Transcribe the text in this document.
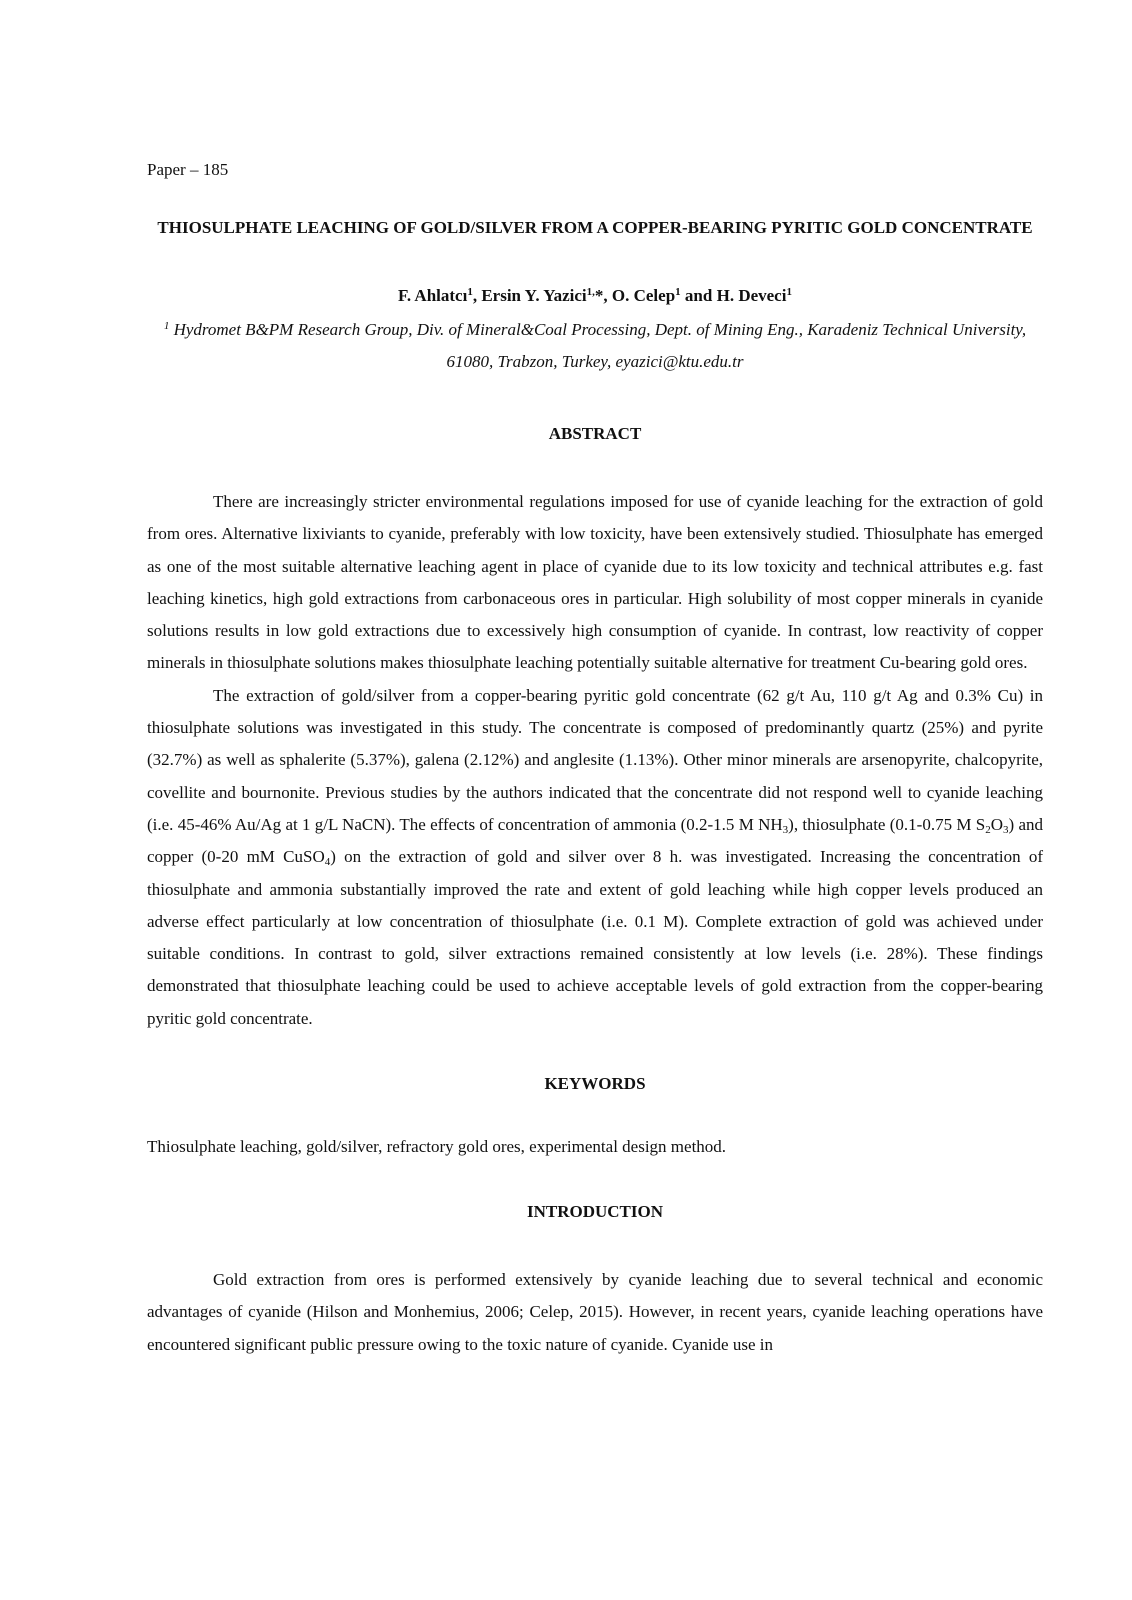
Paper – 185

THIOSULPHATE LEACHING OF GOLD/SILVER FROM A COPPER-BEARING PYRITIC GOLD CONCENTRATE

F. Ahlatcı$^1$, Ersin Y. Yazici$^{1,}$*, O. Celep$^1$ and H. Deveci$^1$

$^1$ Hydromet B&PM Research Group, Div. of Mineral&Coal Processing, Dept. of Mining Eng., Karadeniz Technical University, 61080, Trabzon, Turkey, eyazici@ktu.edu.tr

ABSTRACT

There are increasingly stricter environmental regulations imposed for use of cyanide leaching for the extraction of gold from ores. Alternative lixiviants to cyanide, preferably with low toxicity, have been extensively studied. Thiosulphate has emerged as one of the most suitable alternative leaching agent in place of cyanide due to its low toxicity and technical attributes e.g. fast leaching kinetics, high gold extractions from carbonaceous ores in particular. High solubility of most copper minerals in cyanide solutions results in low gold extractions due to excessively high consumption of cyanide. In contrast, low reactivity of copper minerals in thiosulphate solutions makes thiosulphate leaching potentially suitable alternative for treatment Cu-bearing gold ores.

The extraction of gold/silver from a copper-bearing pyritic gold concentrate (62 g/t Au, 110 g/t Ag and 0.3% Cu) in thiosulphate solutions was investigated in this study. The concentrate is composed of predominantly quartz (25%) and pyrite (32.7%) as well as sphalerite (5.37%), galena (2.12%) and anglesite (1.13%). Other minor minerals are arsenopyrite, chalcopyrite, covellite and bournonite. Previous studies by the authors indicated that the concentrate did not respond well to cyanide leaching (i.e. 45-46% Au/Ag at 1 g/L NaCN). The effects of concentration of ammonia (0.2-1.5 M $NH_3$), thiosulphate (0.1-0.75 M $S_2O_3$) and copper (0-20 mM CuSO$_4$) on the extraction of gold and silver over 8 h. was investigated. Increasing the concentration of thiosulphate and ammonia substantially improved the rate and extent of gold leaching while high copper levels produced an adverse effect particularly at low concentration of thiosulphate (i.e. 0.1 M). Complete extraction of gold was achieved under suitable conditions. In contrast to gold, silver extractions remained consistently at low levels (i.e. 28%). These findings demonstrated that thiosulphate leaching could be used to achieve acceptable levels of gold extraction from the copper-bearing pyritic gold concentrate.

KEYWORDS

Thiosulphate leaching, gold/silver, refractory gold ores, experimental design method.

INTRODUCTION

Gold extraction from ores is performed extensively by cyanide leaching due to several technical and economic advantages of cyanide (Hilson and Monhemius, 2006; Celep, 2015). However, in recent years, cyanide leaching operations have encountered significant public pressure owing to the toxic nature of cyanide. Cyanide use in
